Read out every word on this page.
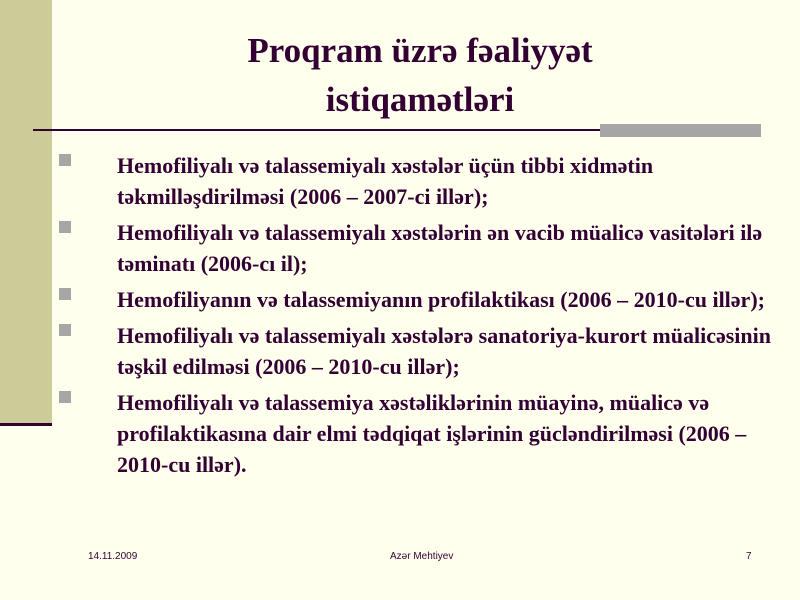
Proqram üzrə fəaliyyət
istiqamətləri
Hemofiliyalı və talassemiyalı xəstələr üçün tibbi xidmətin təkmilləşdirilməsi (2006 – 2007-ci illər);
Hemofiliyalı və talassemiyalı xəstələrin ən vacib müalicə vasitələri ilə təminatı (2006-cı il);
Hemofiliyanın və talassemiyanın profilaktikası (2006 – 2010-cu illər);
Hemofiliyalı və talassemiyalı xəstələrə sanatoriya-kurort müalicəsinin təşkil edilməsi (2006 – 2010-cu illər);
Hemofiliyalı və talassemiya xəstəliklərinin müayinə, müalicə və profilaktikasına dair elmi tədqiqat işlərinin gücləndirilməsi (2006 – 2010-cu illər).
14.11.2009	Azər Mehtiyev	7
